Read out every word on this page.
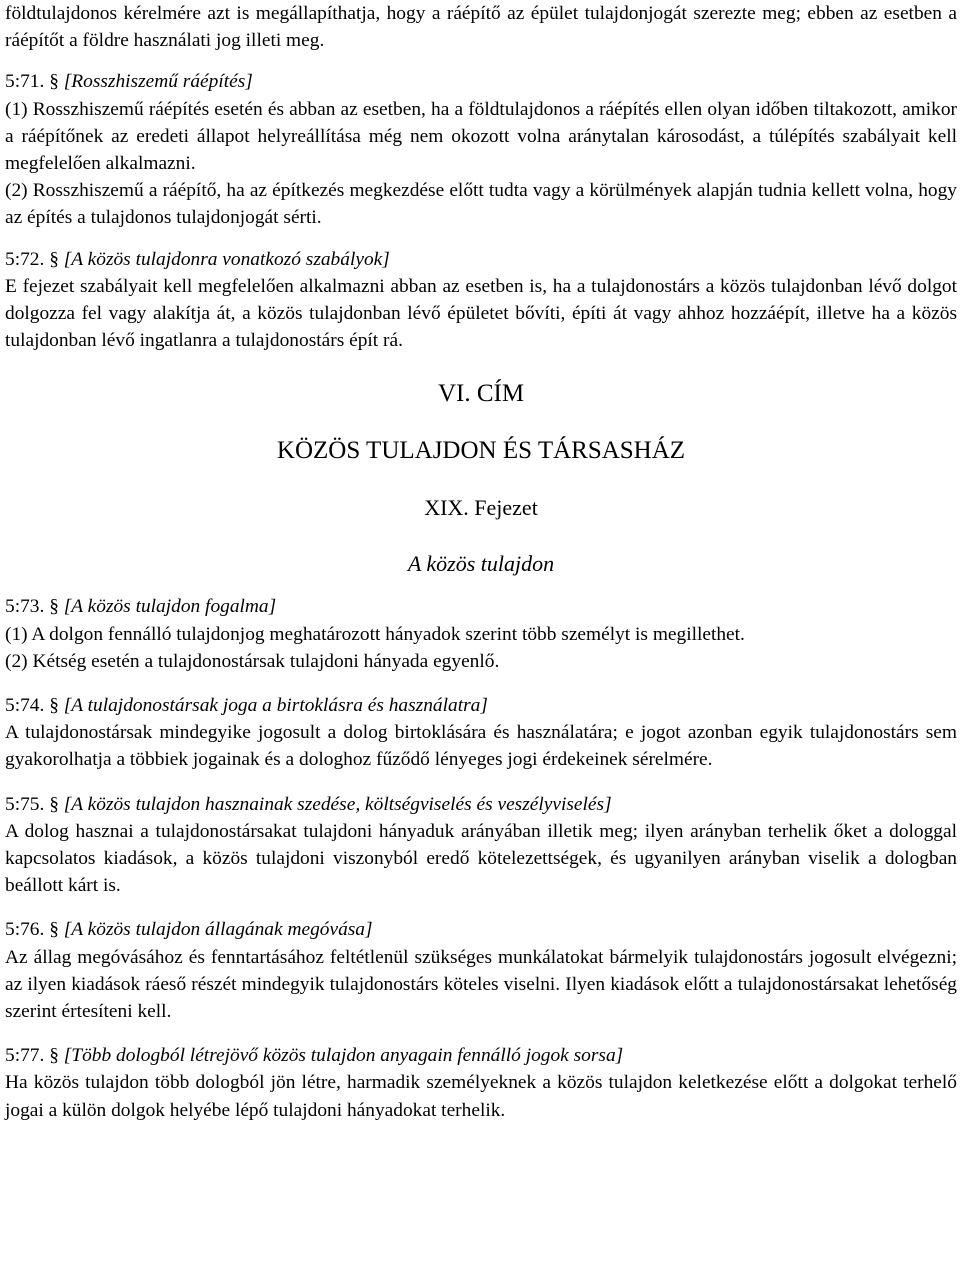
földtulajdonos kérelmére azt is megállapíthatja, hogy a ráépítő az épület tulajdonjogát szerezte meg; ebben az esetben a ráépítőt a földre használati jog illeti meg.

5:71. § [Rosszhiszemű ráépítés]

(1) Rosszhiszemű ráépítés esetén és abban az esetben, ha a földtulajdonos a ráépítés ellen olyan időben tiltakozott, amikor a ráépítőnek az eredeti állapot helyreállítása még nem okozott volna aránytalan károsodást, a túlépítés szabályait kell megfelelően alkalmazni.

(2) Rosszhiszemű a ráépítő, ha az építkezés megkezdése előtt tudta vagy a körülmények alapján tudnia kellett volna, hogy az építés a tulajdonos tulajdonjogát sérti.

5:72. § [A közös tulajdonra vonatkozó szabályok]

E fejezet szabályait kell megfelelően alkalmazni abban az esetben is, ha a tulajdonostárs a közös tulajdonban lévő dolgot dolgozza fel vagy alakítja át, a közös tulajdonban lévő épületet bővíti, építi át vagy ahhoz hozzáépít, illetve ha a közös tulajdonban lévő ingatlanra a tulajdonostárs épít rá.

VI. CÍM

KÖZÖS TULAJDON ÉS TÁRSASHÁZ

XIX. Fejezet

A közös tulajdon

5:73. § [A közös tulajdon fogalma]

(1) A dolgon fennálló tulajdonjog meghatározott hányadok szerint több személyt is megillethet.

(2) Kétség esetén a tulajdonostársak tulajdoni hányada egyenlő.

5:74. § [A tulajdonostársak joga a birtoklásra és használatra]

A tulajdonostársak mindegyike jogosult a dolog birtoklására és használatára; e jogot azonban egyik tulajdonostárs sem gyakorolhatja a többiek jogainak és a dologhoz fűződő lényeges jogi érdekeinek sérelmére.

5:75. § [A közös tulajdon hasznainak szedése, költségviselés és veszélyviselés]

A dolog hasznai a tulajdonostársakat tulajdoni hányaduk arányában illetik meg; ilyen arányban terhelik őket a dologgal kapcsolatos kiadások, a közös tulajdoni viszonyból eredő kötelezettségek, és ugyanilyen arányban viselik a dologban beállott kárt is.

5:76. § [A közös tulajdon állagának megóvása]

Az állag megóvásához és fenntartásához feltétlenül szükséges munkálatokat bármelyik tulajdonostárs jogosult elvégezni; az ilyen kiadások ráeső részét mindegyik tulajdonostárs köteles viselni. Ilyen kiadások előtt a tulajdonostársakat lehetőség szerint értesíteni kell.

5:77. § [Több dologból létrejövő közös tulajdon anyagain fennálló jogok sorsa]

Ha közös tulajdon több dologból jön létre, harmadik személyeknek a közös tulajdon keletkezése előtt a dolgokat terhelő jogai a külön dolgok helyébe lépő tulajdoni hányadokat terhelik.
